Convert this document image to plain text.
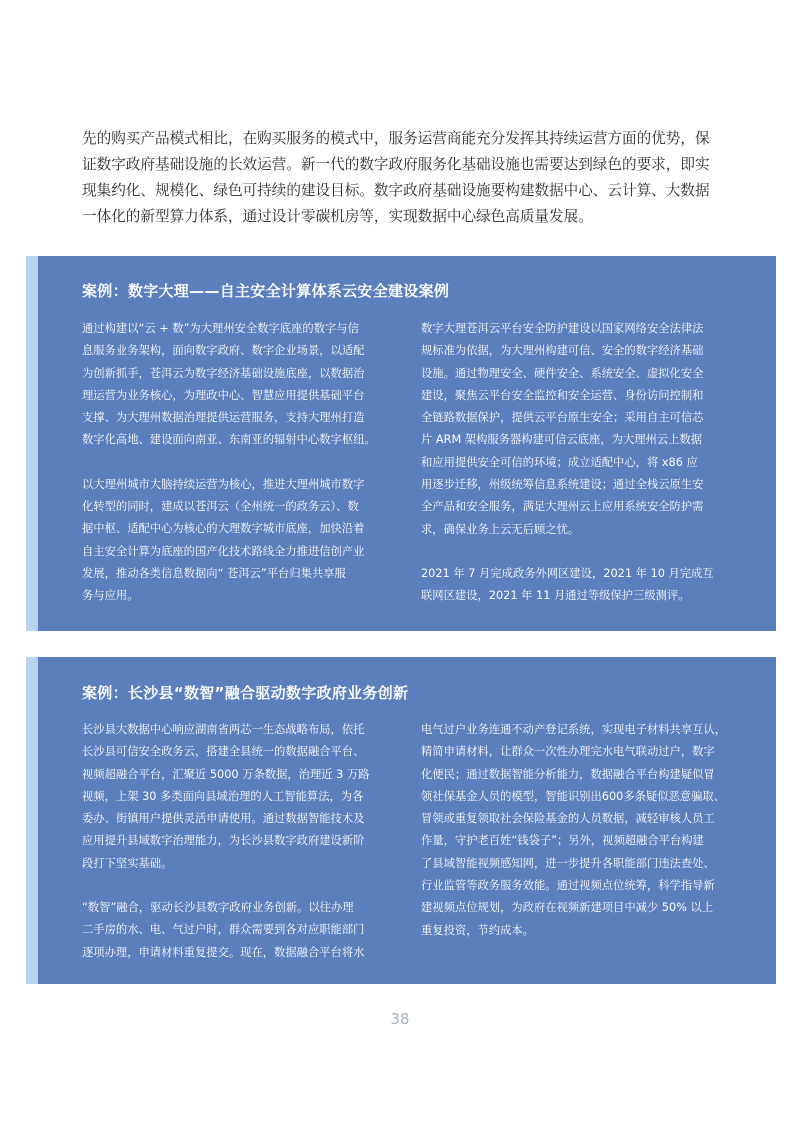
先的购买产品模式相比，在购买服务的模式中，服务运营商能充分发挥其持续运营方面的优势，保
证数字政府基础设施的长效运营。新一代的数字政府服务化基础设施也需要达到绿色的要求，即实
现集约化、规模化、绿色可持续的建设目标。数字政府基础设施要构建数据中心、云计算、大数据
一体化的新型算力体系，通过设计零碳机房等，实现数据中心绿色高质量发展。

案例：数字大理——自主安全计算体系云安全建设案例

通过构建以“云 + 数”为大理州安全数字底座的数字与信
息服务业务架构，面向数字政府、数字企业场景，以适配
为创新抓手，苍洱云为数字经济基础设施底座，以数据治
理运营为业务核心，为理政中心、智慧应用提供基础平台
支撑、为大理州数据治理提供运营服务，支持大理州打造
数字化高地、建设面向南亚、东南亚的辐射中心数字枢纽。

以大理州城市大脑持续运营为核心，推进大理州城市数字
化转型的同时，建成以苍洱云（全州统一的政务云）、数
据中枢、适配中心为核心的大理数字城市底座，加快沿着
自主安全计算为底座的国产化技术路线全力推进信创产业
发展，推动各类信息数据向“ 苍洱云”平台归集共享服
务与应用。

数字大理苍洱云平台安全防护建设以国家网络安全法律法
规标准为依据，为大理州构建可信、安全的数字经济基础
设施。通过物理安全、硬件安全、系统安全、虚拟化安全
建设，聚焦云平台安全监控和安全运营、身份访问控制和
全链路数据保护，提供云平台原生安全；采用自主可信芯
片 ARM 架构服务器构建可信云底座，为大理州云上数据
和应用提供安全可信的环境；成立适配中心，将 x86 应
用逐步迁移，州级统筹信息系统建设；通过全栈云原生安
全产品和安全服务，满足大理州云上应用系统安全防护需
求，确保业务上云无后顾之忧。

2021 年 7 月完成政务外网区建设，2021 年 10 月完成互
联网区建设，2021 年 11 月通过等级保护三级测评。

案例：长沙县“数智”融合驱动数字政府业务创新

长沙县大数据中心响应湖南省两芯一生态战略布局，依托
长沙县可信安全政务云，搭建全县统一的数据融合平台、
视频超融合平台，汇聚近 5000 万条数据，治理近 3 万路
视频，上架 30 多类面向县域治理的人工智能算法，为各
委办、街镇用户提供灵活申请使用。通过数据智能技术及
应用提升县域数字治理能力，为长沙县数字政府建设新阶
段打下坚实基础。

“数智”融合，驱动长沙县数字政府业务创新。以往办理
二手房的水、电、气过户时，群众需要到各对应职能部门
逐项办理，申请材料重复提交。现在，数据融合平台将水

电气过户业务连通不动产登记系统，实现电子材料共享互认，
精简申请材料，让群众一次性办理完水电气联动过户，数字
化便民；通过数据智能分析能力，数据融合平台构建疑似冒
领社保基金人员的模型，智能识别出600多条疑似恶意骗取、
冒领或重复领取社会保险基金的人员数据，减轻审核人员工
作量，守护老百姓“钱袋子”；另外，视频超融合平台构建
了县域智能视频感知网，进一步提升各职能部门违法查处、
行业监管等政务服务效能。通过视频点位统筹，科学指导新
建视频点位规划，为政府在视频新建项目中减少 50% 以上
重复投资，节约成本。

38
